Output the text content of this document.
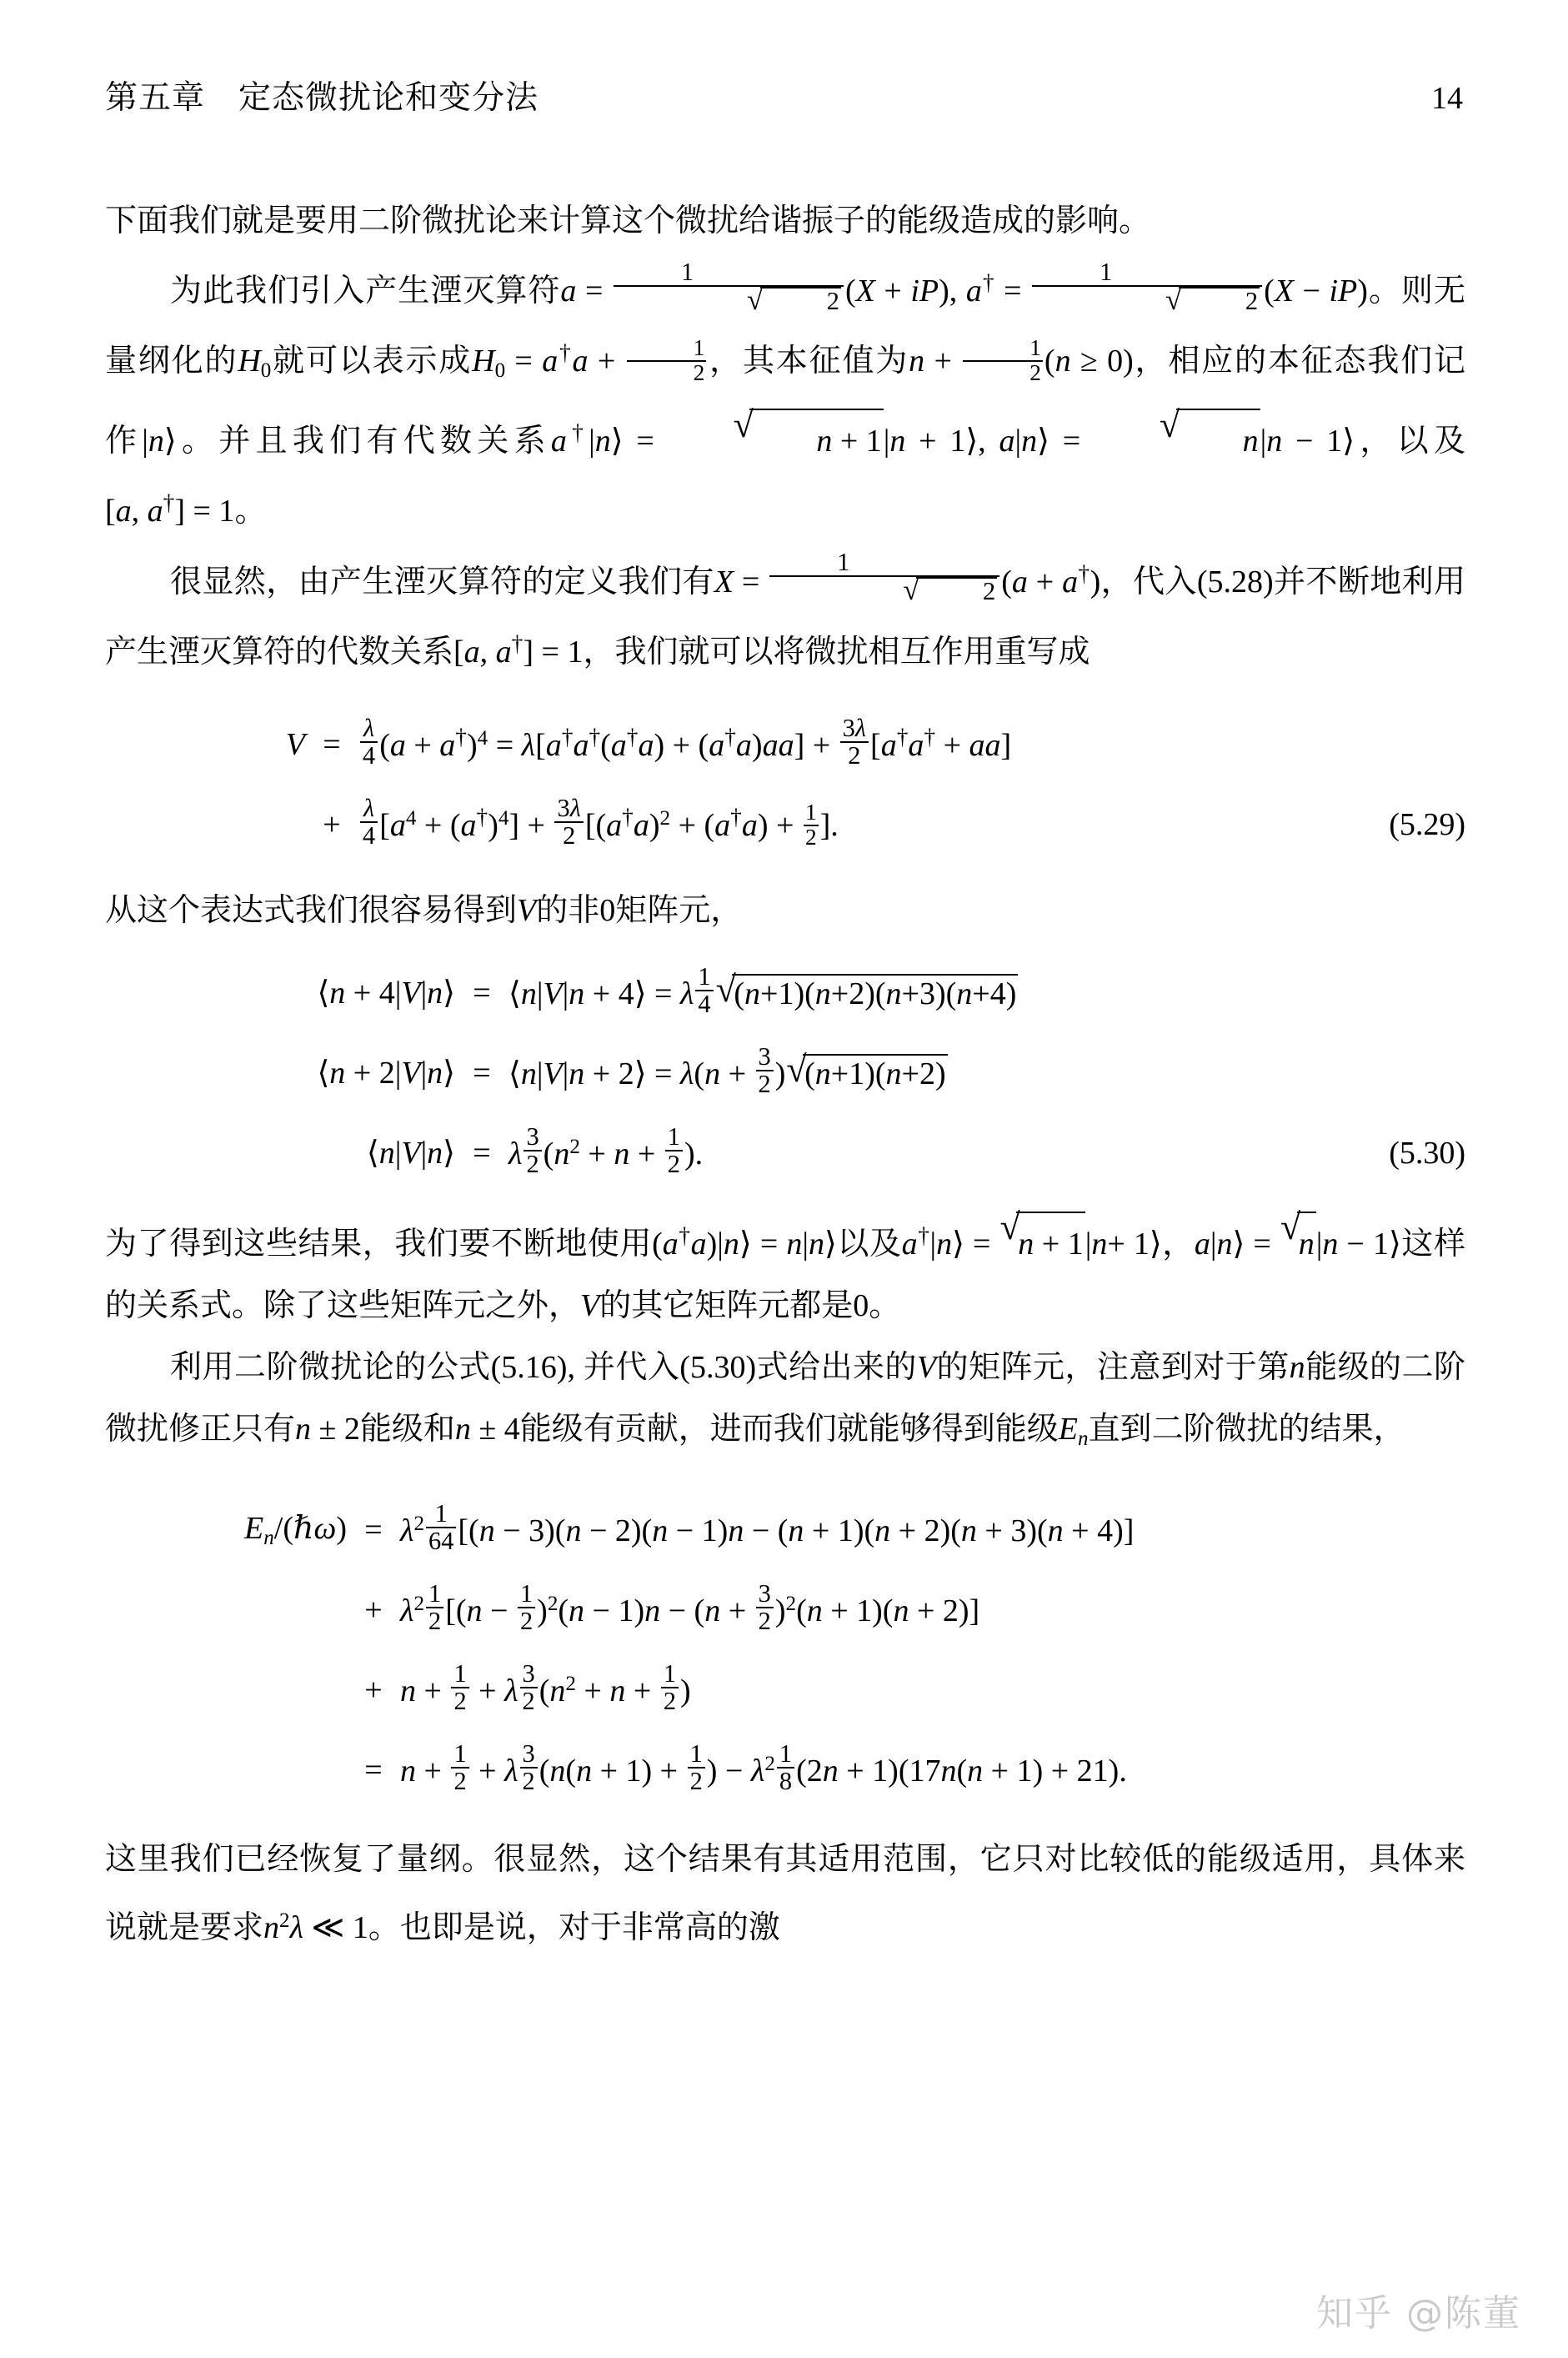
第五章　定态微扰论和变分法	14

下面我们就是要用二阶微扰论来计算这个微扰给谐振子的能级造成的影响。

为此我们引入产生湮灭算符a = 1
√	2 (X + iP), a† = 1
√	2 (X − iP)。则无量纲化的H0就可以表示成$H0 = a^\dagger a + \frac{1}{2}$ ，其本征值为$n + \frac{1}{2} (n \ge 0)$，相应的本征态我们记作|n⟩。并且我们有代数关系a†|n⟩ =	√ n + 1|n + 1⟩, a|n⟩ =	√ n|n − 1⟩，以及[a, a†] = 1。

很显然，由产生湮灭算符的定义我们有X = 1
√	2 (a + a†)，代入(5.28)并不断地利用产生湮灭算符的代数关系[a, a†] = 1，我们就可以将微扰相互作用重写成

$V = \frac{\lambda}{4} (a + a^\dagger)^4 = \lambda[a^\dagger a^\dagger(a^\dagger a) + (a^\dagger a)aa] + \frac{3\lambda}{2} [a^\dagger a^\dagger + aa]$
+ $\frac{\lambda}{4} [a^4 + (a^\dagger)^4] + \frac{3\lambda}{2} [(a^\dagger a)^2 + (a^\dagger a) + \frac{1}{2}$ ].	(5.29)

从这个表达式我们很容易得到V的非0矩阵元，

⟨n + 4|V|n⟩ = ⟨n|V|n + 4⟩ = λ $\frac{1}{4}$ √
(n+1)(n+2)(n+3)(n+4)
⟨n + 2|V|n⟩ = ⟨n|V|n + 2⟩ = $\lambda(n + \frac{3}{2}$ ) √
(n+1)(n+2)
⟨n|V|n⟩ = λ $\frac{3}{2} (n^2 + n + \frac{1}{2}$ ).	(5.30)

为了得到这些结果，我们要不断地使用(a†a)|n⟩ = n|n⟩以及a†|n⟩ = √
n + 1|n+ 1⟩，a|n⟩ = √
n|n − 1⟩这样的关系式。除了这些矩阵元之外，V的其它矩阵元都是0。

利用二阶微扰论的公式(5.16), 并代入(5.30)式给出来的V的矩阵元，注意到对于第n能级的二阶微扰修正只有n ± 2能级和n ± 4能级有贡献，进而我们就能够得到能级$E_n$直到二阶微扰的结果，

$E_n/(\hbar\omega) = \lambda^2 \frac{1}{64} [(n - 3)(n - 2)(n - 1)n - (n + 1)(n + 2)(n + 3)(n + 4)]$
+ $\lambda^2 \frac{1}{2} [(n - \frac{1}{2} )^2(n - 1)n - (n + \frac{3}{2} )^2(n + 1)(n + 2)]$
+ $n + \frac{1}{2} + \lambda \frac{3}{2} (n^2 + n + \frac{1}{2}$ )
= $n + \frac{1}{2} + \lambda \frac{3}{2} (n(n + 1) + \frac{1}{2}$ ) − $\lambda^2 \frac{1}{8} (2n + 1)(17n(n + 1) + 21)$.

这里我们已经恢复了量纲。很显然，这个结果有其适用范围，它只对比较低的能级适用，具体来说就是要求$n^2\lambda$ ≪ 1。也即是说，对于非常高的激

知乎 @陈董
